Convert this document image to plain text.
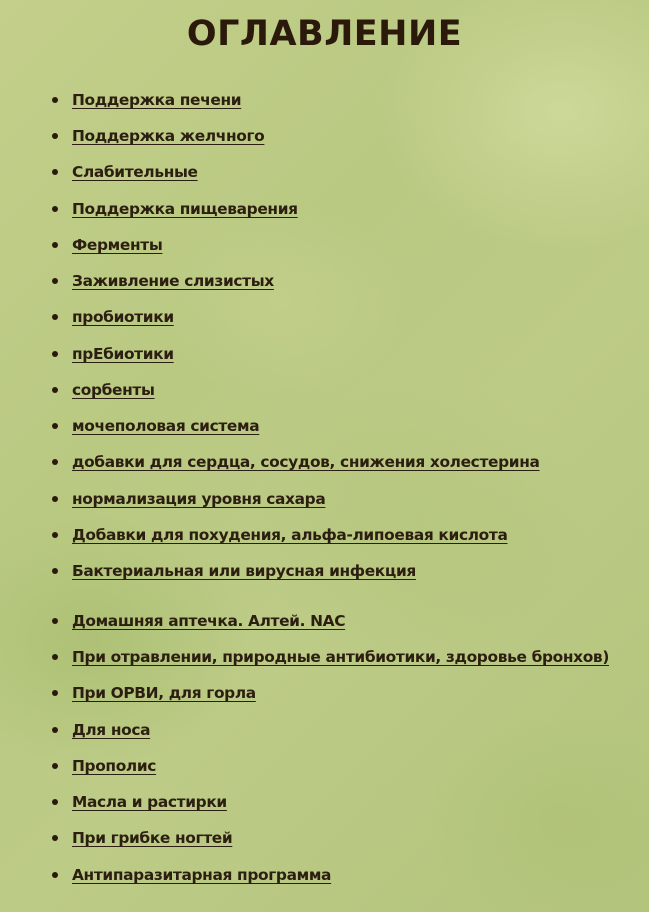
ОГЛАВЛЕНИЕ
Поддержка печени
Поддержка желчного
Слабительные
Поддержка пищеварения
Ферменты
Заживление слизистых
пробиотики
прЕбиотики
сорбенты
мочеполовая система
добавки для сердца, сосудов, снижения холестерина
нормализация уровня сахара
Добавки для похудения, альфа-липоевая кислота
Бактериальная или вирусная инфекция
Домашняя аптечка. Алтей. NAC
При отравлении, природные антибиотики, здоровье бронхов)
При ОРВИ, для горла
Для носа
Прополис
Масла и растирки
При грибке ногтей
Антипаразитарная программа
